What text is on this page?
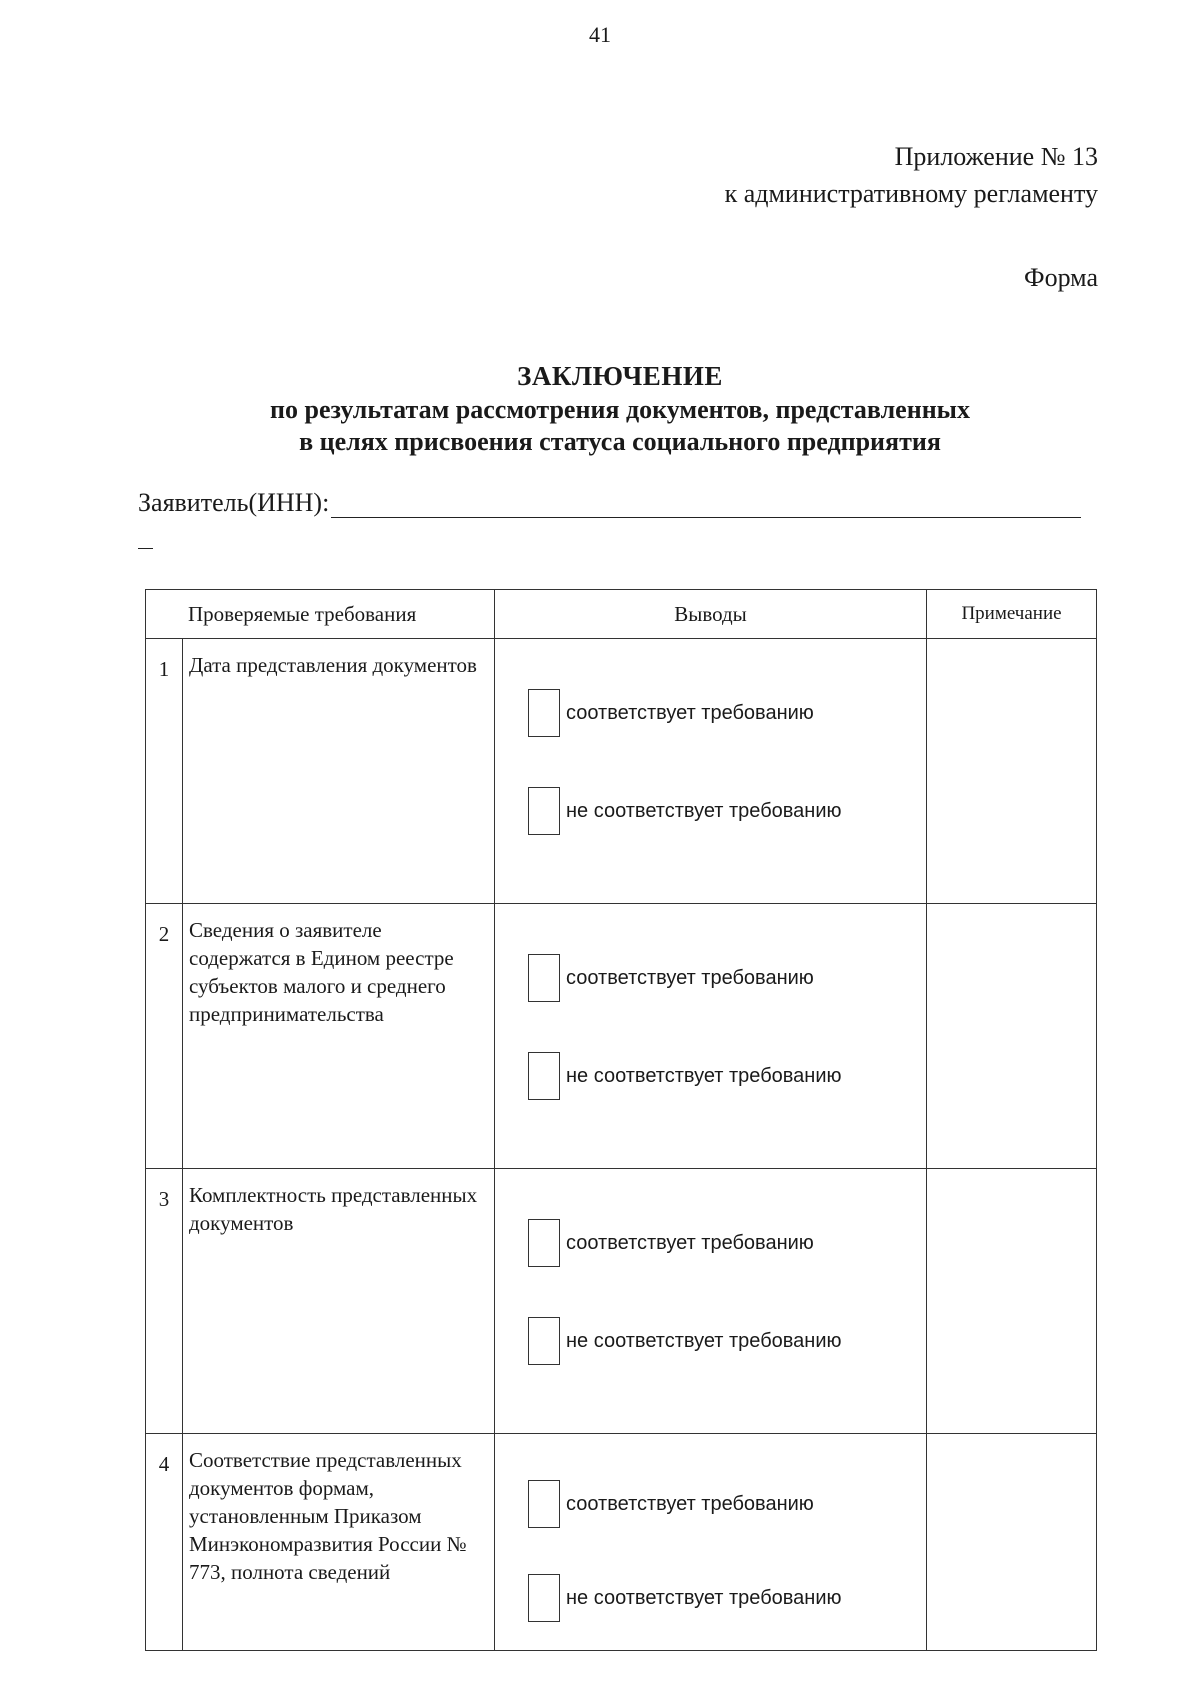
41
Приложение № 13
к административному регламенту
Форма
ЗАКЛЮЧЕНИЕ
по результатам рассмотрения документов, представленных
в целях присвоения статуса социального предприятия
Заявитель(ИНН):
Проверяемые требования		Выводы	Примечание
1	Дата представления документов	соответствует требованию
не соответствует требованию	

2	Сведения о заявителе содержатся в Едином реестре субъектов малого и среднего предпринимательства	соответствует требованию
не соответствует требованию	

3	Комплектность представленных документов	соответствует требованию
не соответствует требованию	

4	Соответствие представленных документов формам, установленным Приказом Минэкономразвития России № 773, полнота сведений	соответствует требованию
не соответствует требованию	
